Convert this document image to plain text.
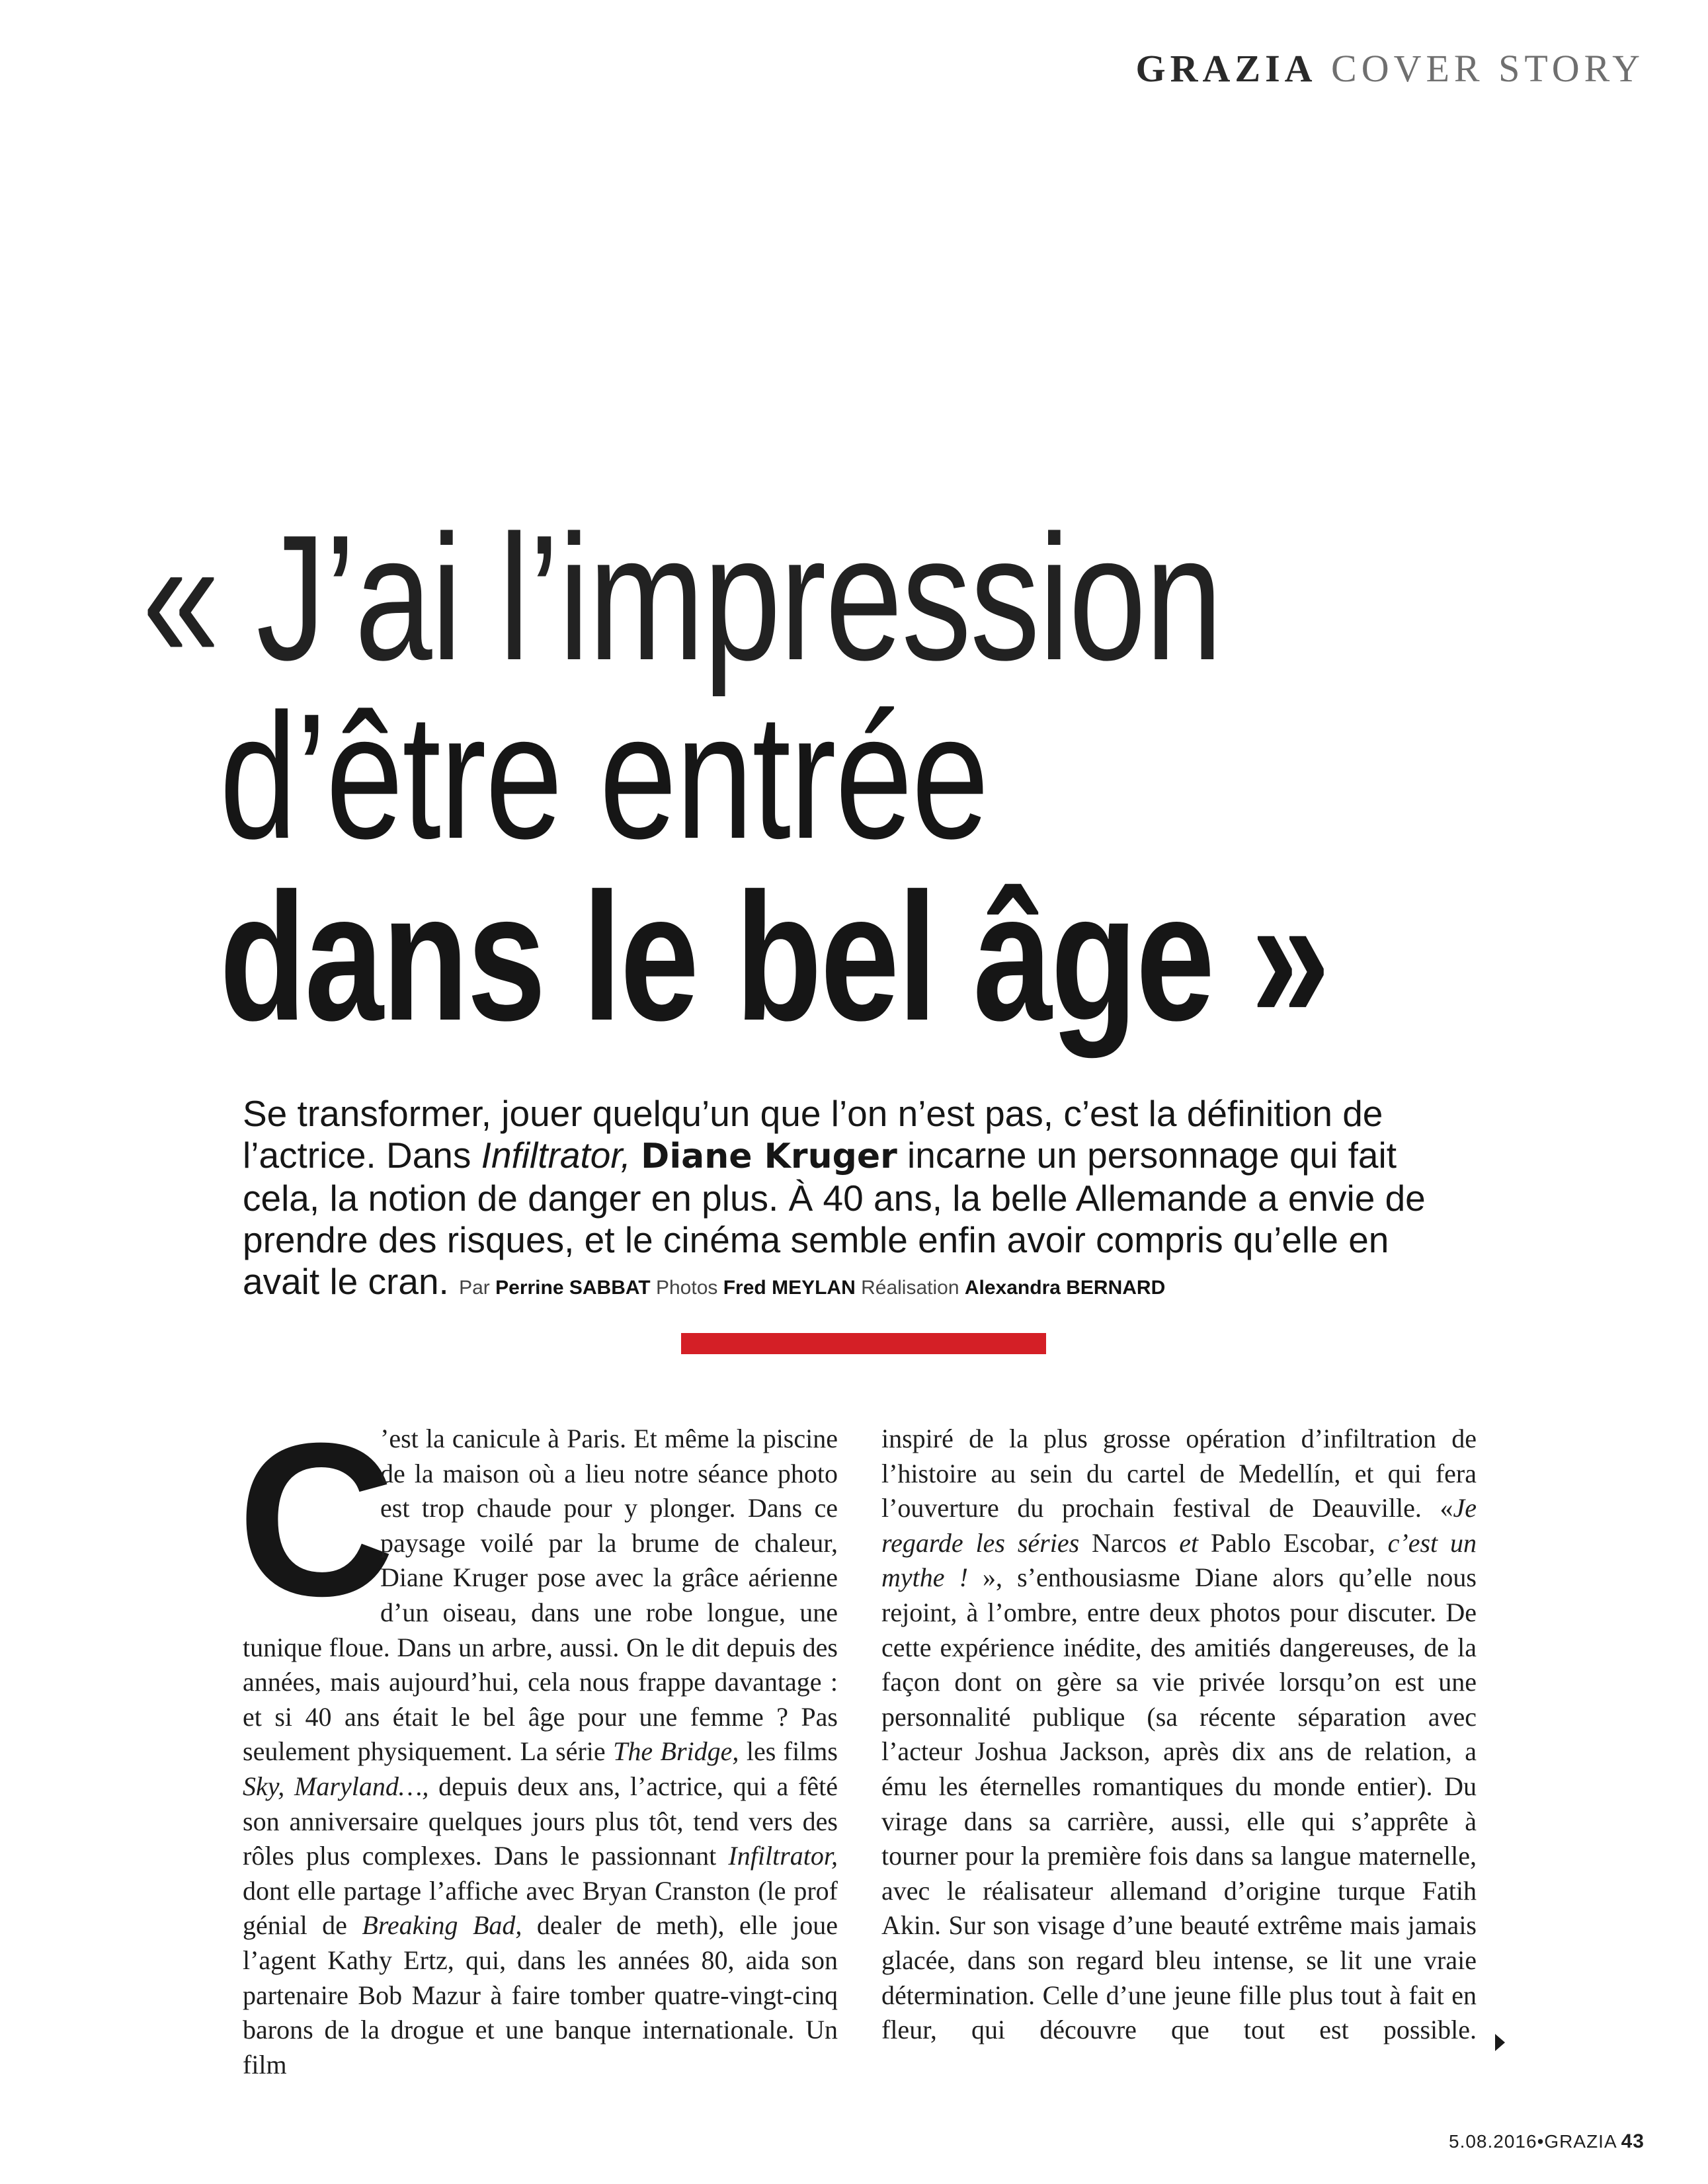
GRAZIA COVER STORY
« J’ai l’impression
d’être entrée
dans le bel âge »
Se transformer, jouer quelqu’un que l’on n’est pas, c’est la définition de l’actrice. Dans Infiltrator, Diane Kruger incarne un personnage qui fait cela, la notion de danger en plus. À 40 ans, la belle Allemande a envie de prendre des risques, et le cinéma semble enfin avoir compris qu’elle en avait le cran. Par Perrine SABBAT Photos Fred MEYLAN Réalisation Alexandra BERNARD
C

’est la canicule à Paris. Et même la piscine de la maison où a lieu notre séance photo est trop chaude pour y plonger. Dans ce paysage voilé par la brume de chaleur, Diane Kruger pose avec la grâce aérienne d’un oiseau, dans une robe longue, une tunique floue. Dans un arbre, aussi. On le dit depuis des années, mais aujourd’hui, cela nous frappe davantage : et si 40 ans était le bel âge pour une femme ? Pas seulement physiquement. La série The Bridge, les films Sky, Maryland…, depuis deux ans, l’actrice, qui a fêté son anniversaire quelques jours plus tôt, tend vers des rôles plus complexes. Dans le passionnant Infiltrator, dont elle partage l’affiche avec Bryan Cranston (le prof génial de Breaking Bad, dealer de meth), elle joue l’agent Kathy Ertz, qui, dans les années 80, aida son partenaire Bob Mazur à faire tomber quatre-vingt-cinq barons de la drogue et une banque internationale. Un film

inspiré de la plus grosse opération d’infiltration de l’histoire au sein du cartel de Medellín, et qui fera l’ouverture du prochain festival de Deauville. «Je regarde les séries Narcos et Pablo Escobar, c’est un mythe ! », s’enthousiasme Diane alors qu’elle nous rejoint, à l’ombre, entre deux photos pour discuter. De cette expérience inédite, des amitiés dangereuses, de la façon dont on gère sa vie privée lorsqu’on est une personnalité publique (sa récente séparation avec l’acteur Joshua Jackson, après dix ans de relation, a ému les éternelles romantiques du monde entier). Du virage dans sa carrière, aussi, elle qui s’apprête à tourner pour la première fois dans sa langue maternelle, avec le réalisateur allemand d’origine turque Fatih Akin. Sur son visage d’une beauté extrême mais jamais glacée, dans son regard bleu intense, se lit une vraie détermination. Celle d’une jeune fille plus tout à fait en fleur, qui découvre que tout est possible.

5.08.2016•GRAZIA 43
